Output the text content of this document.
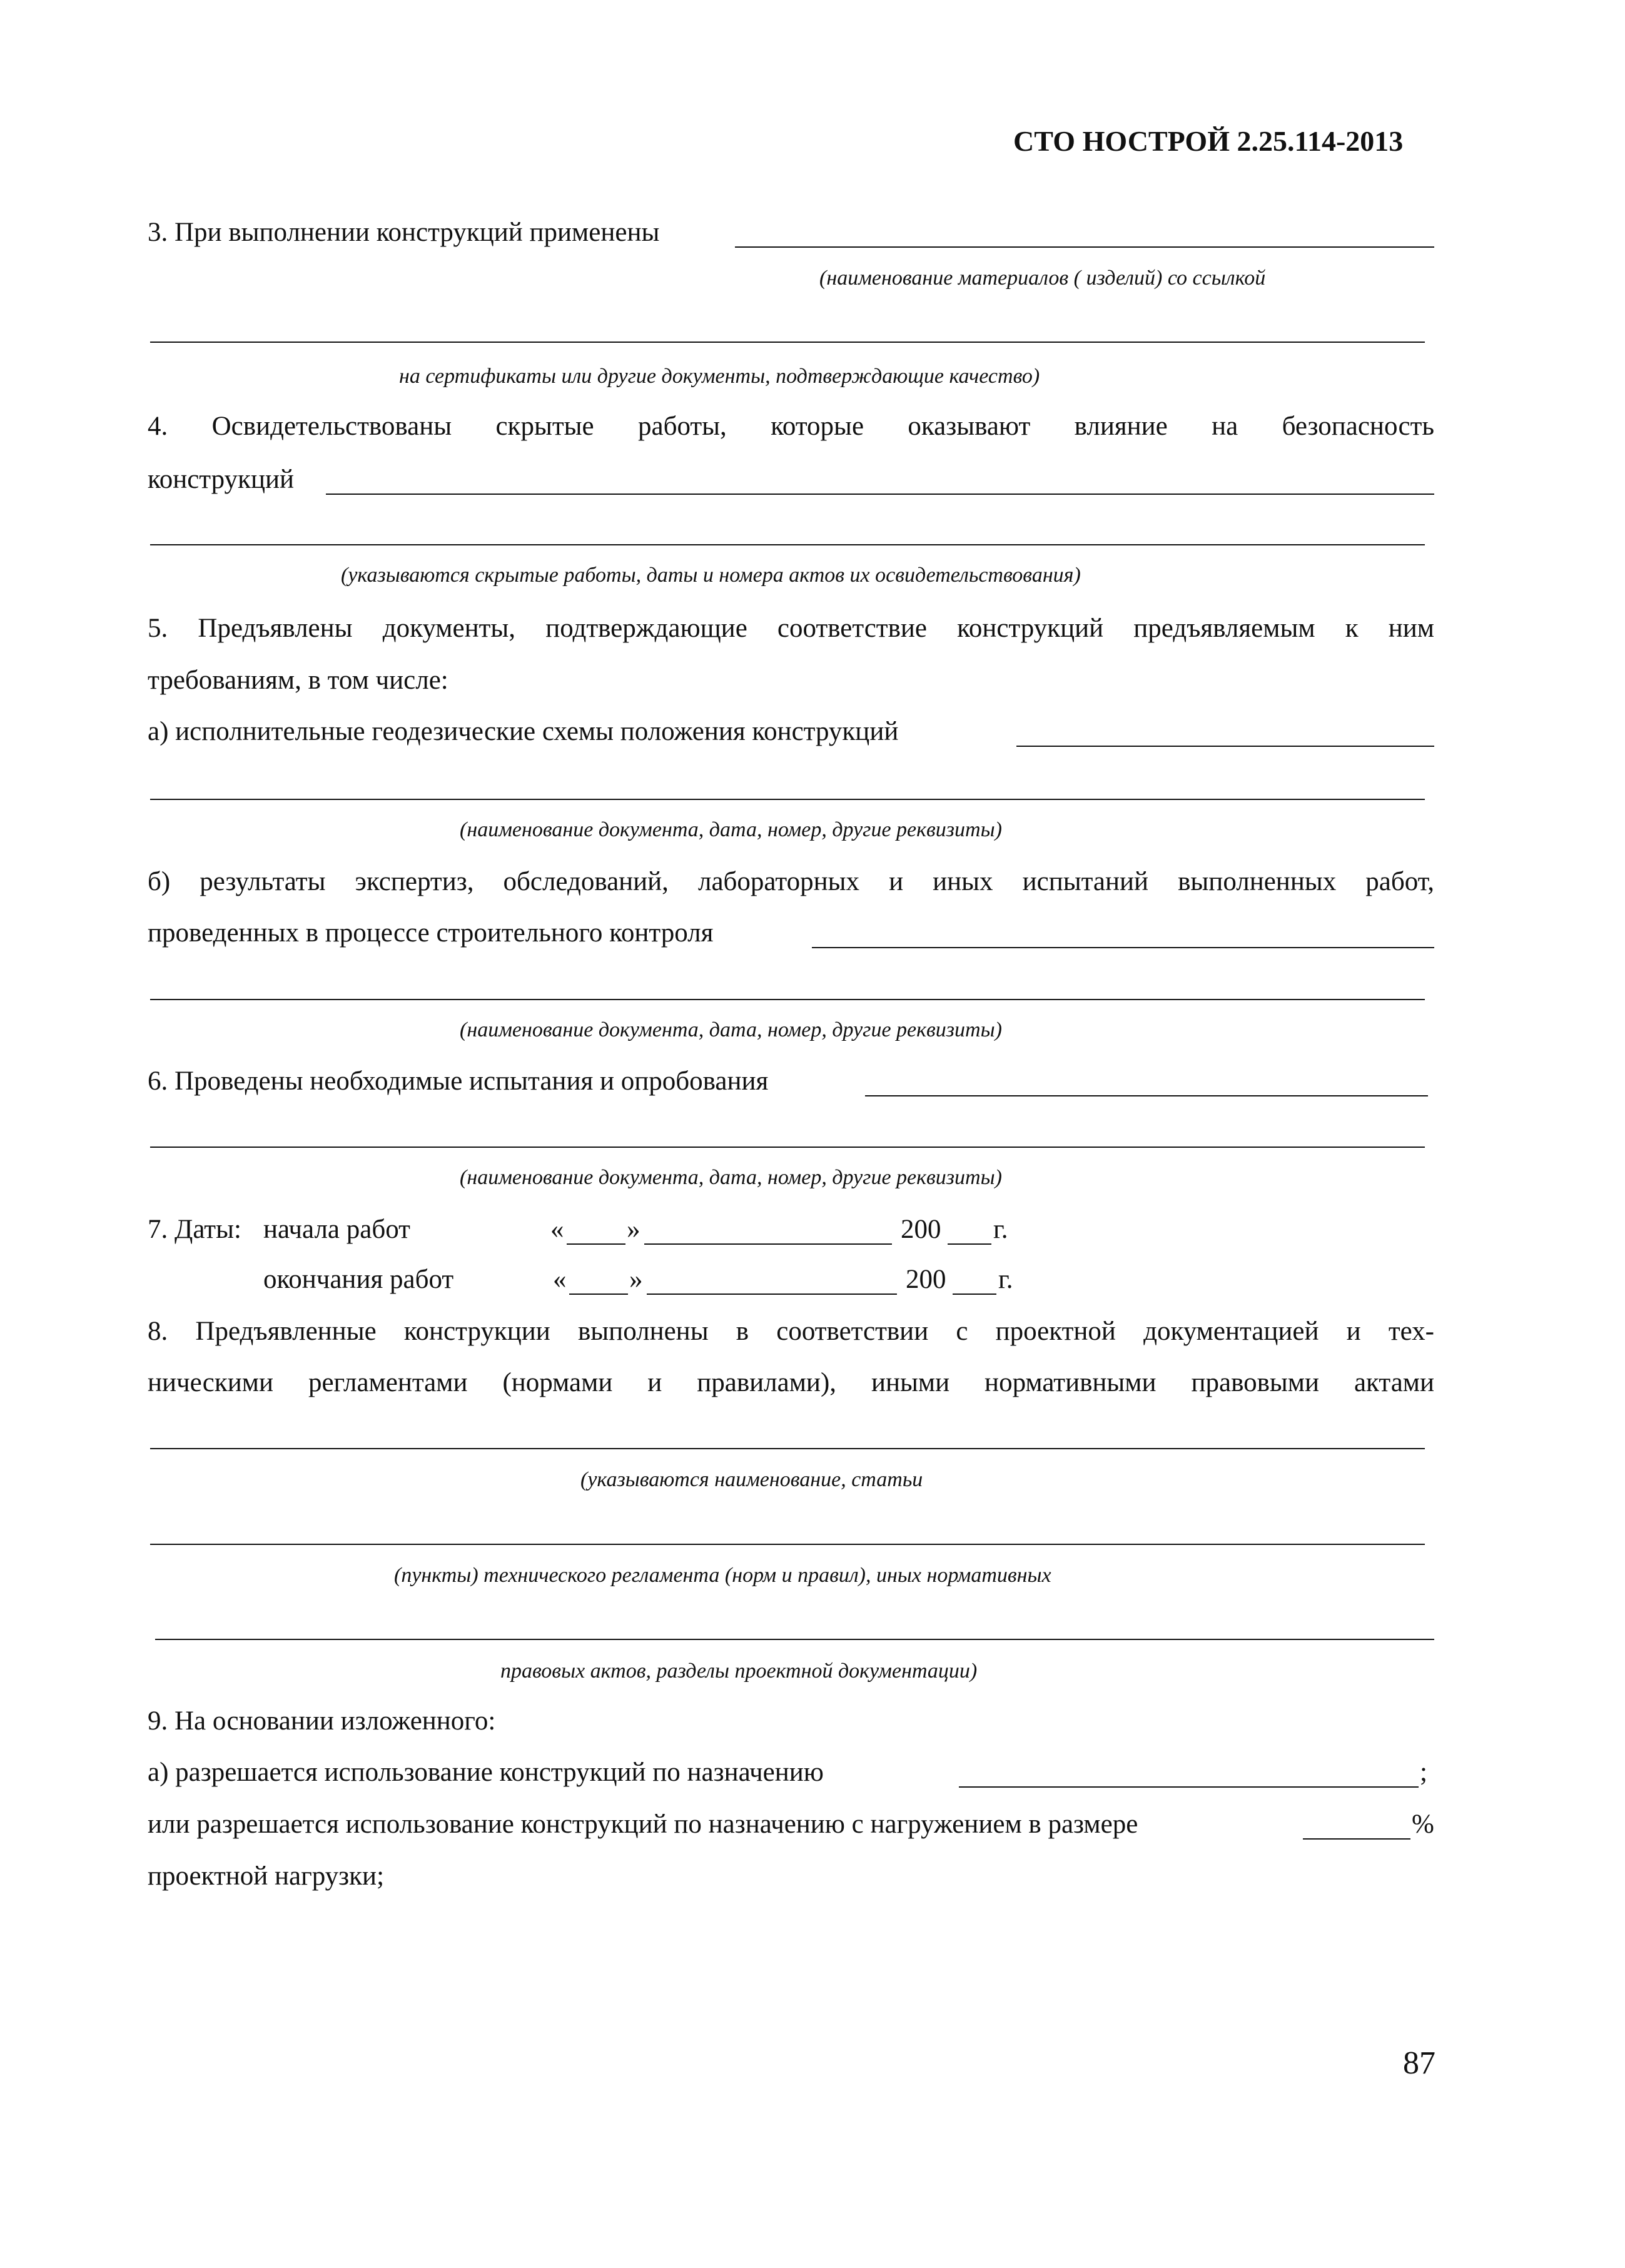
СТО НОСТРОЙ 2.25.114-2013
3. При выполнении конструкций применены
(наименование материалов ( изделий) со ссылкой
на сертификаты или другие документы, подтверждающие качество)
4. Освидетельствованы скрытые работы, которые оказывают влияние на безопасность
конструкций
(указываются скрытые работы, даты и номера актов их освидетельствования)
5. Предъявлены документы, подтверждающие соответствие конструкций предъявляемым к ним
требованиям, в том числе:
а) исполнительные геодезические схемы положения конструкций
(наименование документа, дата, номер, другие реквизиты)
б) результаты экспертиз, обследований, лабораторных и иных испытаний выполненных работ,
проведенных в процессе строительного контроля
(наименование документа, дата, номер, другие реквизиты)
6. Проведены необходимые испытания и опробования
(наименование документа, дата, номер, другие реквизиты)
7. Даты: начала работ	« »	200 г.
окончания работ	« »	200 г.
8. Предъявленные конструкции выполнены в соответствии с проектной документацией и тех-
ническими регламентами (нормами и правилами), иными нормативными правовыми актами
(указываются наименование, статьи
(пункты) технического регламента (норм и правил), иных нормативных
правовых актов, разделы проектной документации)
9. На основании изложенного:
а) разрешается использование конструкций по назначению	;
или разрешается использование конструкций по назначению с нагружением в размере	%
проектной нагрузки;
87
